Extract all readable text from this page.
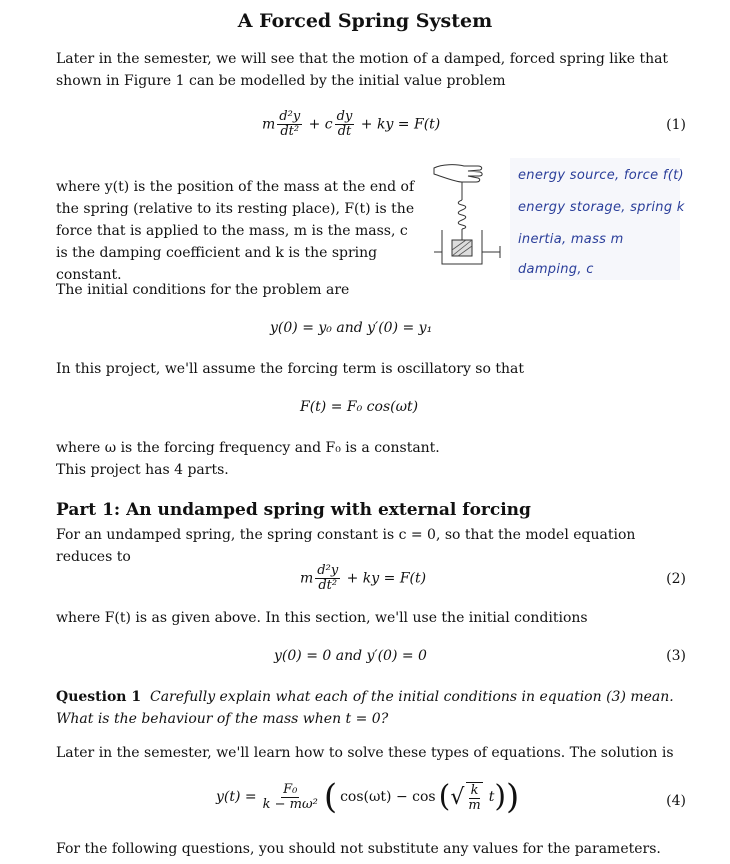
A Forced Spring System
Later in the semester, we will see that the motion of a damped, forced spring like that shown in Figure 1 can be modelled by the initial value problem
m $\frac{\text{d²y}}{\text{dt²}} + c \frac{dy}{dt}$ + ky = F(t)	(1)
where y(t) is the position of the mass at the end of the spring (relative to its resting place), F(t) is the force that is applied to the mass, m is the mass, c is the damping coefficient and k is the spring constant.
energy source, force f(t)
energy storage, spring k
inertia, mass m
damping, c
The initial conditions for the problem are
y(0) = y₀ and y′(0) = y₁
In this project, we'll assume the forcing term is oscillatory so that
F(t) = F₀ cos(ωt)
where ω is the forcing frequency and F₀ is a constant.
This project has 4 parts.
Part 1: An undamped spring with external forcing
For an undamped spring, the spring constant is c = 0, so that the model equation reduces to
m $\frac{\text{d²y}}{\text{dt²}}$ + ky = F(t)	(2)
where F(t) is as given above. In this section, we'll use the initial conditions
y(0) = 0 and y′(0) = 0	(3)
Question 1 Carefully explain what each of the initial conditions in equation (3) mean. What is the behaviour of the mass when t = 0?
Later in the semester, we'll learn how to solve these types of equations. The solution is
$y(t) = \frac{\text{F₀}}{\text{k − mω²}}$ ( cos(ωt) − cos ( √ $\frac{k}{m}$ t ) )	(4)
For the following questions, you should not substitute any values for the parameters.
